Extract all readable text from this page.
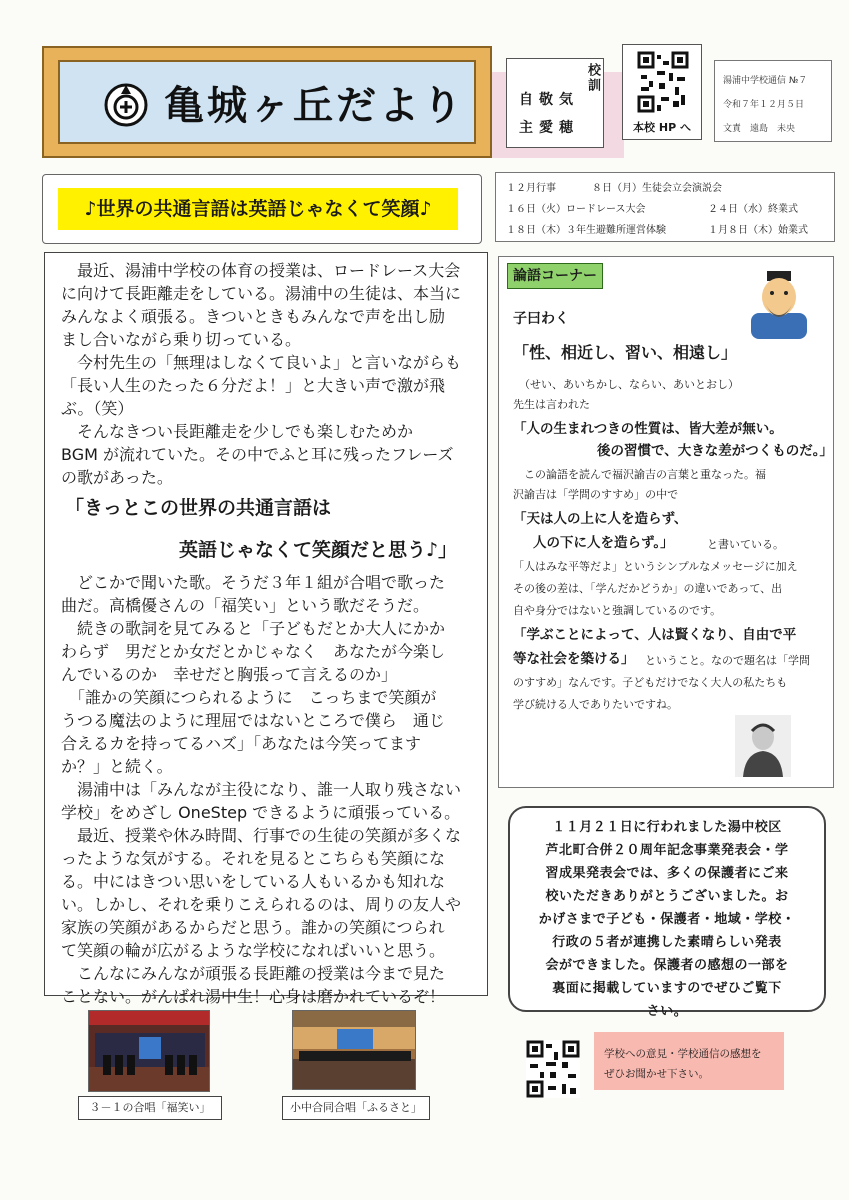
亀城ヶ丘だより
校訓
自敬気
主愛穂	本校 HP へ
湯浦中学校通信 №７
令和７年１２月５日
文責　遠島　未央
１２月行事	８日（月）生徒会立会演説会
１６日（火）ロードレース大会	２４日（水）終業式
１８日（木）３年生避難所運営体験	１月８日（木）始業式
♪世界の共通言語は英語じゃなくて笑顔♪
　最近、湯浦中学校の体育の授業は、ロードレース大会
に向けて長距離走をしている。湯浦中の生徒は、本当に
みんなよく頑張る。きついときもみんなで声を出し励
まし合いながら乗り切っている。
　今村先生の「無理はしなくて良いよ」と言いながらも
「長い人生のたった６分だよ！」と大きい声で激が飛
ぶ。（笑）
　そんなきつい長距離走を少しでも楽しむためか
BGM が流れていた。その中でふと耳に残ったフレーズ
の歌があった。
「きっとこの世界の共通言語は
英語じゃなくて笑顔だと思う♪」
　どこかで聞いた歌。そうだ３年１組が合唱で歌った
曲だ。高橋優さんの「福笑い」という歌だそうだ。
　続きの歌詞を見てみると「子どもだとか大人にかか
わらず　男だとか女だとかじゃなく　あなたが今楽し
んでいるのか　幸せだと胸張って言えるのか」
　「誰かの笑顔につられるように　こっちまで笑顔が
うつる魔法のように理屈ではないところで僕ら　通じ
合えるカを持ってるハズ」「あなたは今笑ってます
か？」と続く。
　湯浦中は「みんなが主役になり、誰一人取り残さない
学校」をめざし OneStep できるように頑張っている。
　最近、授業や休み時間、行事での生徒の笑顔が多くな
ったような気がする。それを見るとこちらも笑顔にな
る。中にはきつい思いをしている人もいるかも知れな
い。しかし、それを乗りこえられるのは、周りの友人や
家族の笑顔があるからだと思う。誰かの笑顔につられ
て笑顔の輪が広がるような学校になればいいと思う。
　こんなにみんなが頑張る長距離の授業は今まで見た
ことない。がんばれ湯中生！心身は磨かれているぞ！
論語コーナー
子曰わく
「性、相近し、習い、相遠し」
（せい、あいちかし、ならい、あいとおし）
先生は言われた
「人の生まれつきの性質は、皆大差が無い。
後の習慣で、大きな差がつくものだ。」
　この論語を読んで福沢諭吉の言葉と重なった。福
沢諭吉は「学問のすすめ」の中で
「天は人の上に人を造らず、
人の下に人を造らず。」	と書いている。
「人はみな平等だよ」というシンプルなメッセージに加え
その後の差は、「学んだかどうか」の違いであって、出
自や身分ではないと強調しているのです。
「学ぶことによって、人は賢くなり、自由で平
等な社会を築ける」 ということ。なので題名は「学問
のすすめ」なんです。子どもだけでなく大人の私たちも
学び続ける人でありたいですね。
１１月２１日に行われました湯中校区
芦北町合併２０周年記念事業発表会・学
習成果発表会では、多くの保護者にご来
校いただきありがとうございました。お
かげさまで子ども・保護者・地域・学校・
行政の５者が連携した素晴らしい発表
会ができました。保護者の感想の一部を
裏面に掲載していますのでぜひご覧下
さい。
学校への意見・学校通信の感想を
ぜひお聞かせ下さい。
３－１の合唱「福笑い」	小中合同合唱「ふるさと」
